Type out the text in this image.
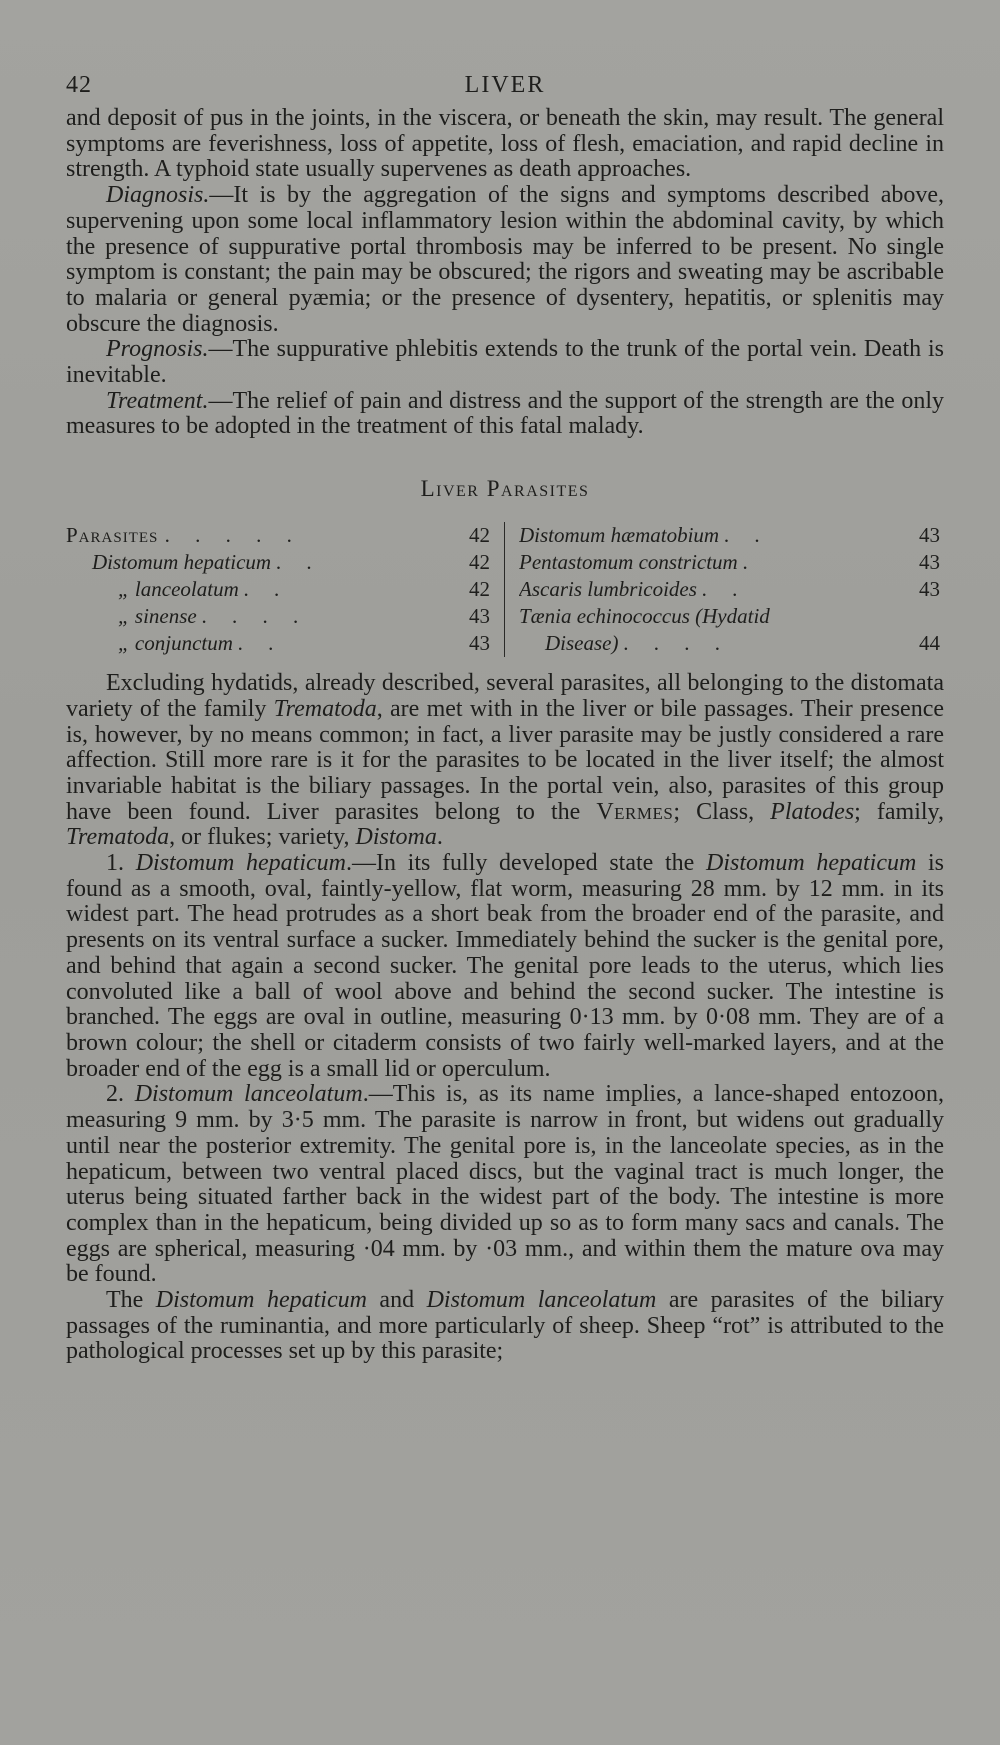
42	LIVER

and deposit of pus in the joints, in the viscera, or beneath the skin, may result. The general symptoms are feverishness, loss of appetite, loss of flesh, emaciation, and rapid decline in strength. A typhoid state usually supervenes as death approaches.

Diagnosis.—It is by the aggregation of the signs and symptoms described above, supervening upon some local inflammatory lesion within the abdominal cavity, by which the presence of suppurative portal thrombosis may be inferred to be present. No single symptom is constant; the pain may be obscured; the rigors and sweating may be ascribable to malaria or general pyæmia; or the presence of dysentery, hepatitis, or splenitis may obscure the diagnosis.

Prognosis.—The suppurative phlebitis extends to the trunk of the portal vein. Death is inevitable.

Treatment.—The relief of pain and distress and the support of the strength are the only measures to be adopted in the treatment of this fatal malady.

Liver Parasites
Parasites . . . . .	42
Distomum hepaticum . .	42
„ lanceolatum . .	42
„ sinense . . . .	43
„ conjunctum . .	43
Distomum hæmatobium . .	43
Pentastomum constrictum .	43
Ascaris lumbricoides . .	43
Tænia echinococcus (Hydatid
Disease) . . . .	44

Excluding hydatids, already described, several parasites, all belonging to the distomata variety of the family Trematoda, are met with in the liver or bile passages. Their presence is, however, by no means common; in fact, a liver parasite may be justly considered a rare affection. Still more rare is it for the parasites to be located in the liver itself; the almost invariable habitat is the biliary passages. In the portal vein, also, parasites of this group have been found. Liver parasites belong to the Vermes; Class, Platodes; family, Trematoda, or flukes; variety, Distoma.

1. Distomum hepaticum.—In its fully developed state the Distomum hepaticum is found as a smooth, oval, faintly-yellow, flat worm, measuring 28 mm. by 12 mm. in its widest part. The head protrudes as a short beak from the broader end of the parasite, and presents on its ventral surface a sucker. Immediately behind the sucker is the genital pore, and behind that again a second sucker. The genital pore leads to the uterus, which lies convoluted like a ball of wool above and behind the second sucker. The intestine is branched. The eggs are oval in outline, measuring 0·13 mm. by 0·08 mm. They are of a brown colour; the shell or citaderm consists of two fairly well-marked layers, and at the broader end of the egg is a small lid or operculum.

2. Distomum lanceolatum.—This is, as its name implies, a lance-shaped entozoon, measuring 9 mm. by 3·5 mm. The parasite is narrow in front, but widens out gradually until near the posterior extremity. The genital pore is, in the lanceolate species, as in the hepaticum, between two ventral placed discs, but the vaginal tract is much longer, the uterus being situated farther back in the widest part of the body. The intestine is more complex than in the hepaticum, being divided up so as to form many sacs and canals. The eggs are spherical, measuring ·04 mm. by ·03 mm., and within them the mature ova may be found.

The Distomum hepaticum and Distomum lanceolatum are parasites of the biliary passages of the ruminantia, and more particularly of sheep. Sheep “rot” is attributed to the pathological processes set up by this parasite;
